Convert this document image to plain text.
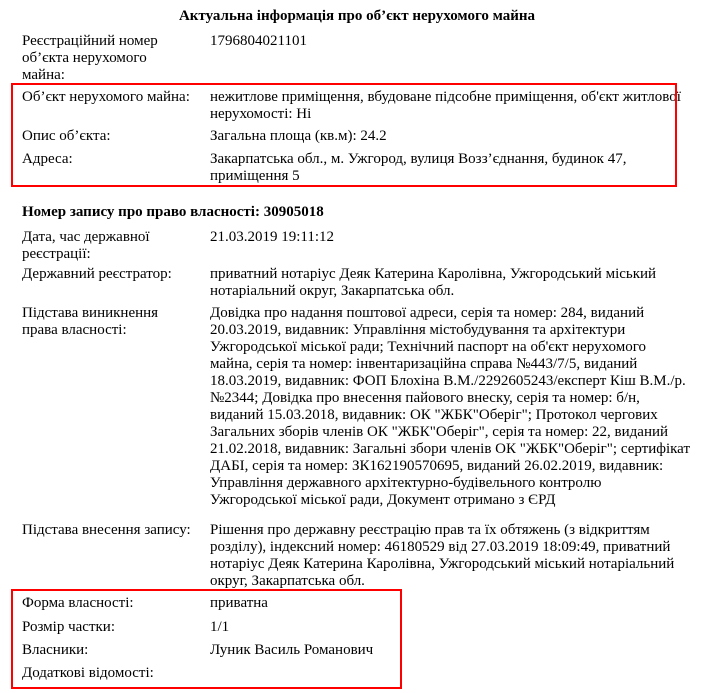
Актуальна інформація про об’єкт нерухомого майна
Реєстраційний номер об’єкта нерухомого майна:
1796804021101
Об’єкт нерухомого майна: нежитлове приміщення, вбудоване підсобне приміщення, об'єкт житлової нерухомості: Ні
Опис об’єкта:	Загальна площа (кв.м): 24.2
Адреса:	Закарпатська обл., м. Ужгород, вулиця Возз’єднання, будинок 47, приміщення 5
Номер запису про право власності: 30905018
Дата, час державної реєстрації:
21.03.2019 19:11:12
Державний реєстратор:	приватний нотаріус Деяк Катерина Каролівна, Ужгородський міський нотаріальний округ, Закарпатська обл.
Підстава виникнення права власності:
Довідка про надання поштової адреси, серія та номер: 284, виданий 20.03.2019, видавник: Управління містобудування та архітектури Ужгородської міської ради; Технічний паспорт на об'єкт нерухомого майна, серія та номер: інвентаризаційна справа №443/7/5, виданий 18.03.2019, видавник: ФОП Блохіна В.М./2292605243/експерт Кіш В.М./р.№2344; Довідка про внесення пайового внеску, серія та номер: б/н, виданий 15.03.2018, видавник: ОК "ЖБК"Оберіг"; Протокол чергових Загальних зборів членів ОК "ЖБК"Оберіг", серія та номер: 22, виданий 21.02.2018, видавник: Загальні збори членів ОК "ЖБК"Оберіг"; сертифікат ДАБІ, серія та номер: ЗК162190570695, виданий 26.02.2019, видавник: Управління державного архітектурно-будівельного контролю Ужгородської міської ради, Документ отримано з ЄРД
Підстава внесення запису: Рішення про державну реєстрацію прав та їх обтяжень (з відкриттям розділу), індексний номер: 46180529 від 27.03.2019 18:09:49, приватний нотаріус Деяк Катерина Каролівна, Ужгородський міський нотаріальний округ, Закарпатська обл.
Форма власності:	приватна
Розмір частки:	1/1
Власники:	Луник Василь Романович
Додаткові відомості:
